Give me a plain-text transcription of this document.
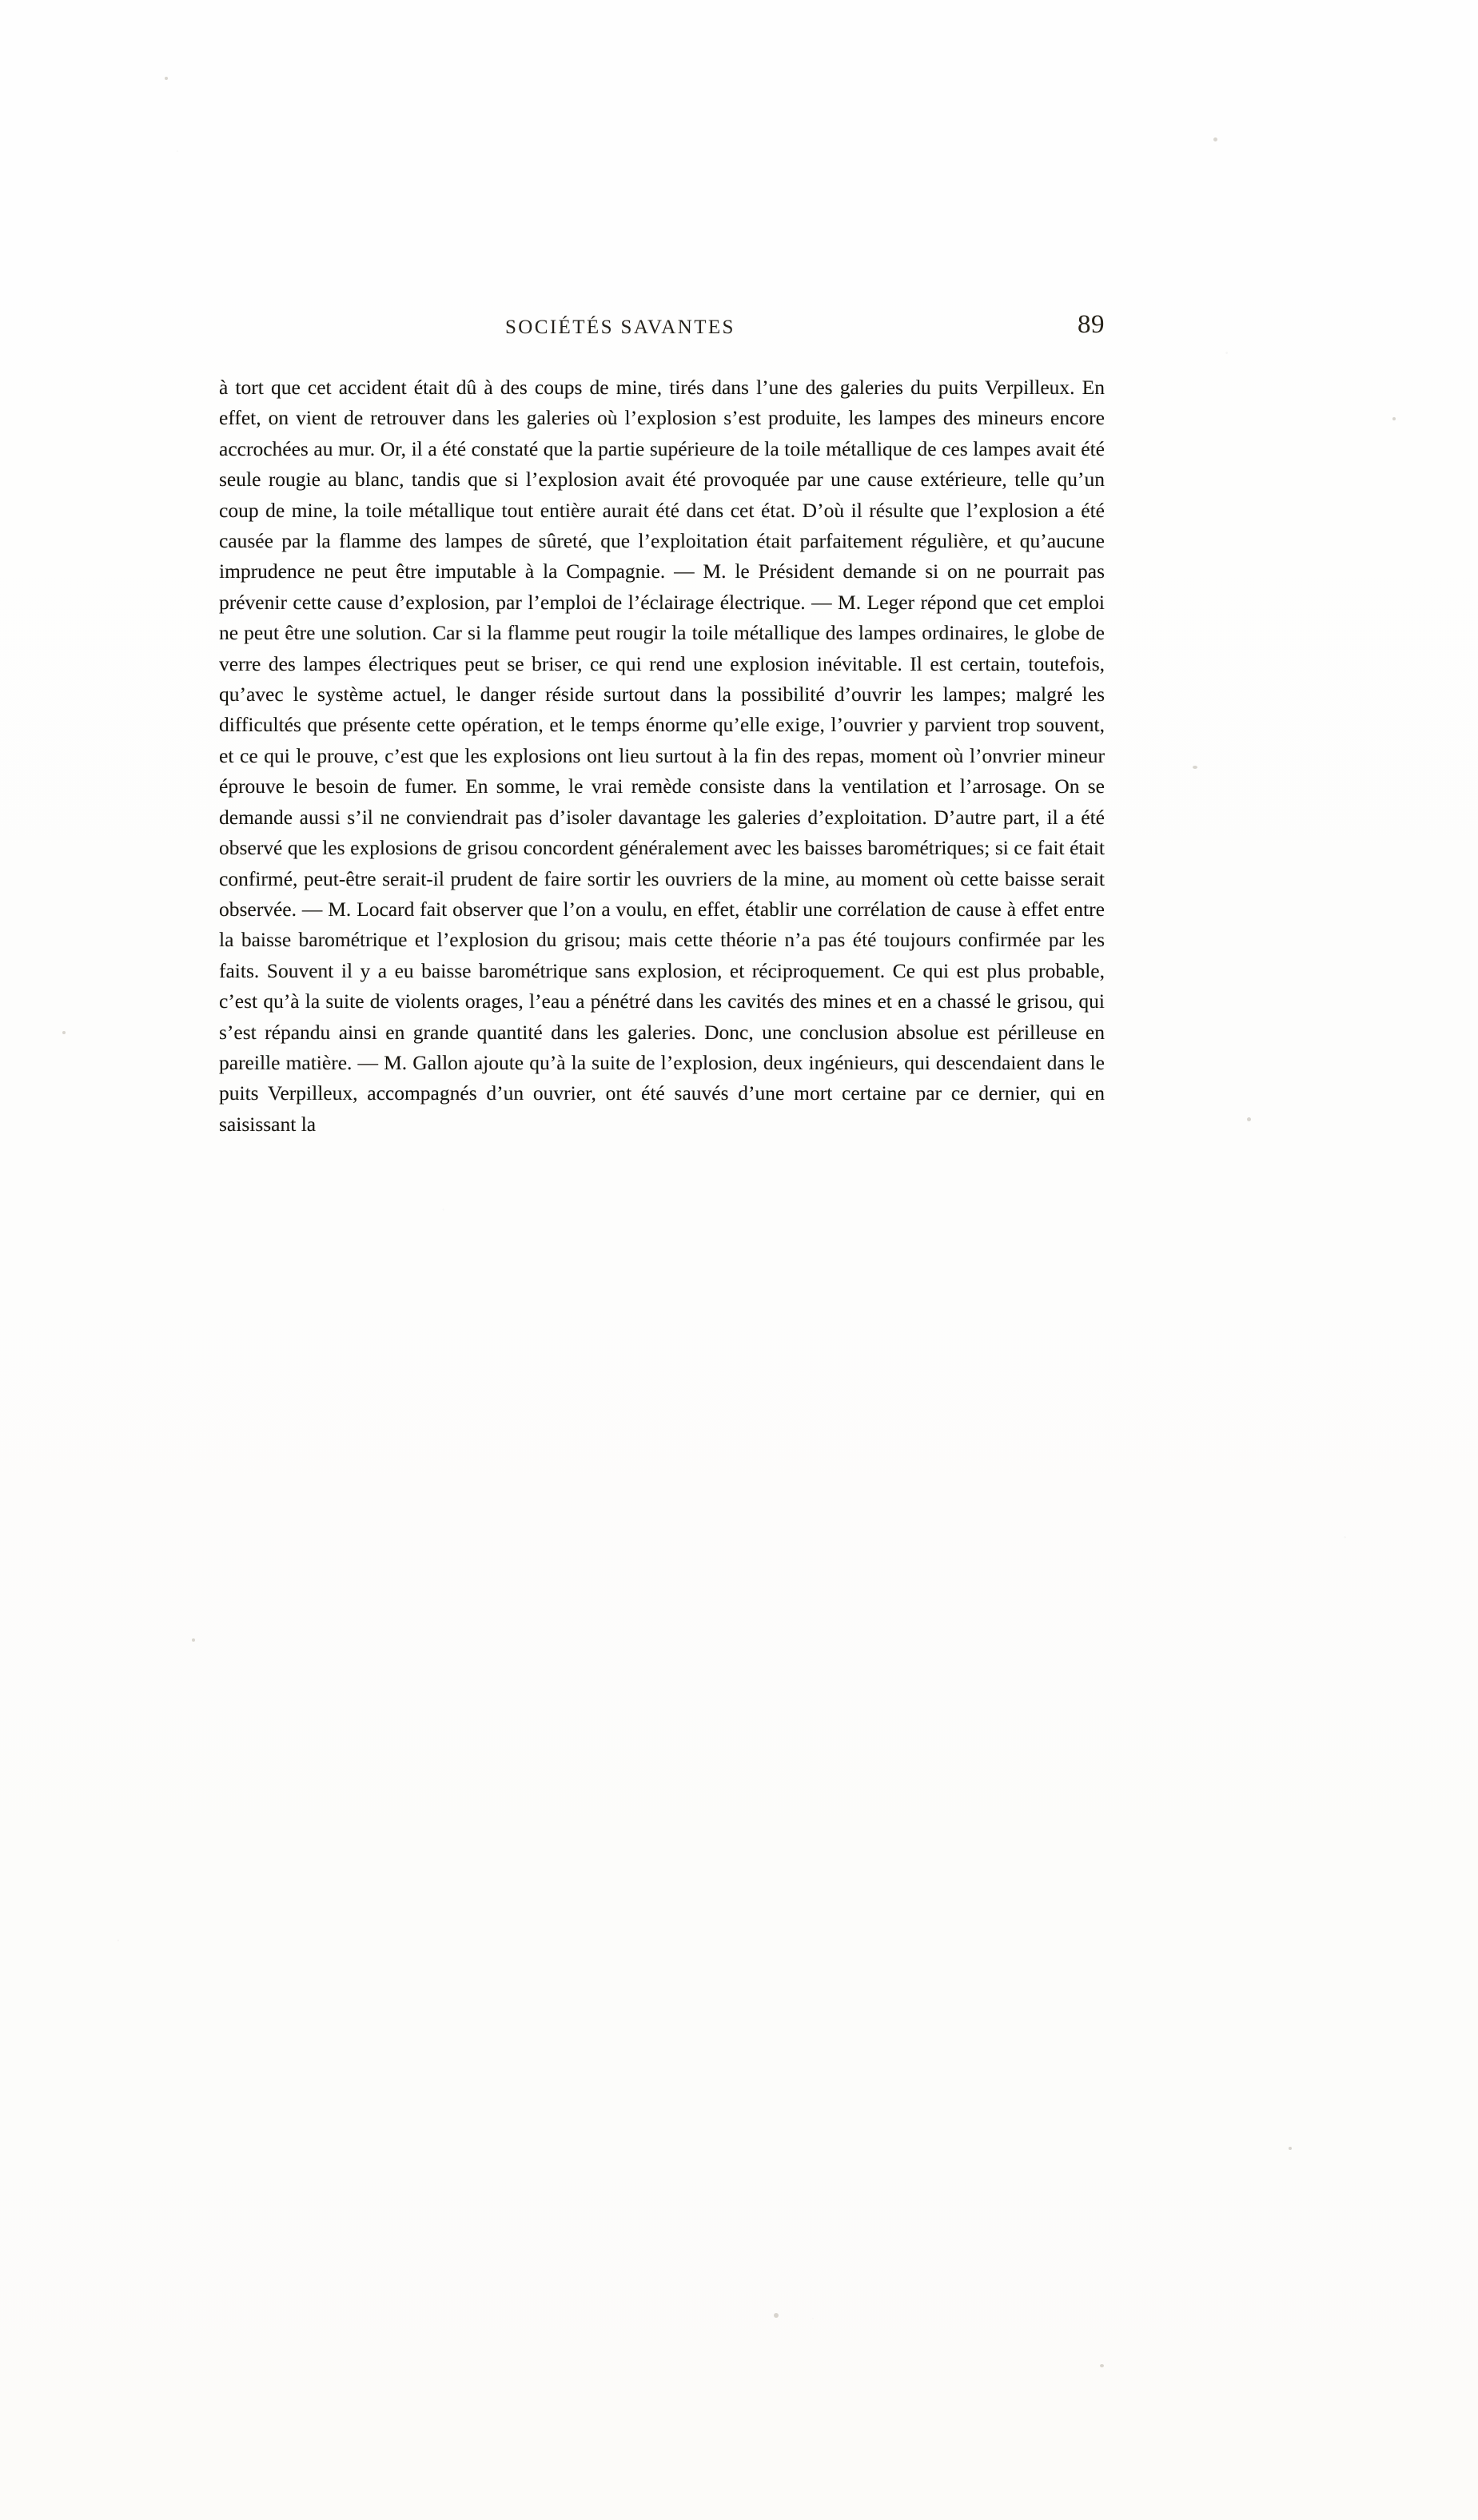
SOCIÉTÉS SAVANTES	89

à tort que cet accident était dû à des coups de mine, tirés dans l’une des galeries du puits Verpilleux. En effet, on vient de retrouver dans les galeries où l’explosion s’est produite, les lampes des mineurs encore accrochées au mur. Or, il a été constaté que la partie supérieure de la toile métallique de ces lampes avait été seule rougie au blanc, tandis que si l’explosion avait été provoquée par une cause extérieure, telle qu’un coup de mine, la toile métallique tout entière aurait été dans cet état. D’où il résulte que l’explosion a été causée par la flamme des lampes de sûreté, que l’exploitation était parfaitement régulière, et qu’aucune imprudence ne peut être imputable à la Compagnie. — M. le Président demande si on ne pourrait pas prévenir cette cause d’explosion, par l’emploi de l’éclairage électrique. — M. Leger répond que cet emploi ne peut être une solution. Car si la flamme peut rougir la toile métallique des lampes ordinaires, le globe de verre des lampes électriques peut se briser, ce qui rend une explosion inévitable. Il est certain, toutefois, qu’avec le système actuel, le danger réside surtout dans la possibilité d’ouvrir les lampes; malgré les difficultés que présente cette opération, et le temps énorme qu’elle exige, l’ouvrier y parvient trop souvent, et ce qui le prouve, c’est que les explosions ont lieu surtout à la fin des repas, moment où l’onvrier mineur éprouve le besoin de fumer. En somme, le vrai remède consiste dans la ventilation et l’arrosage. On se demande aussi s’il ne conviendrait pas d’isoler davantage les galeries d’exploitation. D’autre part, il a été observé que les explosions de grisou concordent généralement avec les baisses barométriques; si ce fait était confirmé, peut-être serait-il prudent de faire sortir les ouvriers de la mine, au moment où cette baisse serait observée. — M. Locard fait observer que l’on a voulu, en effet, établir une corrélation de cause à effet entre la baisse barométrique et l’explosion du grisou; mais cette théorie n’a pas été toujours confirmée par les faits. Souvent il y a eu baisse barométrique sans explosion, et réciproquement. Ce qui est plus probable, c’est qu’à la suite de violents orages, l’eau a pénétré dans les cavités des mines et en a chassé le grisou, qui s’est répandu ainsi en grande quantité dans les galeries. Donc, une conclusion absolue est périlleuse en pareille matière. — M. Gallon ajoute qu’à la suite de l’explosion, deux ingénieurs, qui descendaient dans le puits Verpilleux, accompagnés d’un ouvrier, ont été sauvés d’une mort certaine par ce dernier, qui en saisissant la
